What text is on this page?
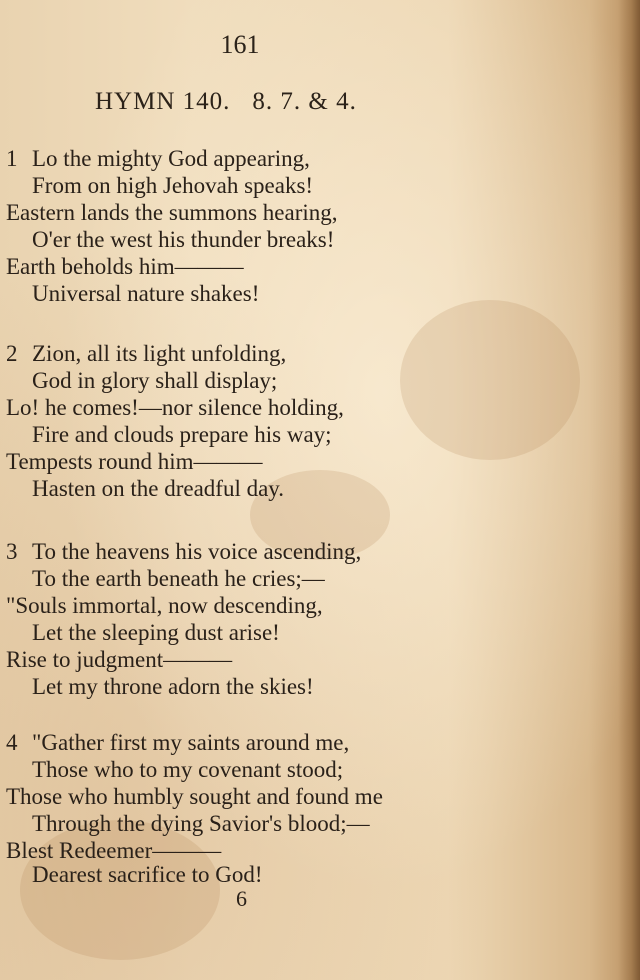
161
HYMN 140. 8. 7. & 4.
1 Lo the mighty God appearing,
From on high Jehovah speaks!
Eastern lands the summons hearing,
O'er the west his thunder breaks!
Earth beholds him———
Universal nature shakes!
2 Zion, all its light unfolding,
God in glory shall display;
Lo! he comes!—nor silence holding,
Fire and clouds prepare his way;
Tempests round him———
Hasten on the dreadful day.
3 To the heavens his voice ascending,
To the earth beneath he cries;—
"Souls immortal, now descending,
Let the sleeping dust arise!
Rise to judgment———
Let my throne adorn the skies!
4 "Gather first my saints around me,
Those who to my covenant stood;
Those who humbly sought and found me
Through the dying Savior's blood;—
Blest Redeemer———
Dearest sacrifice to God!
6
